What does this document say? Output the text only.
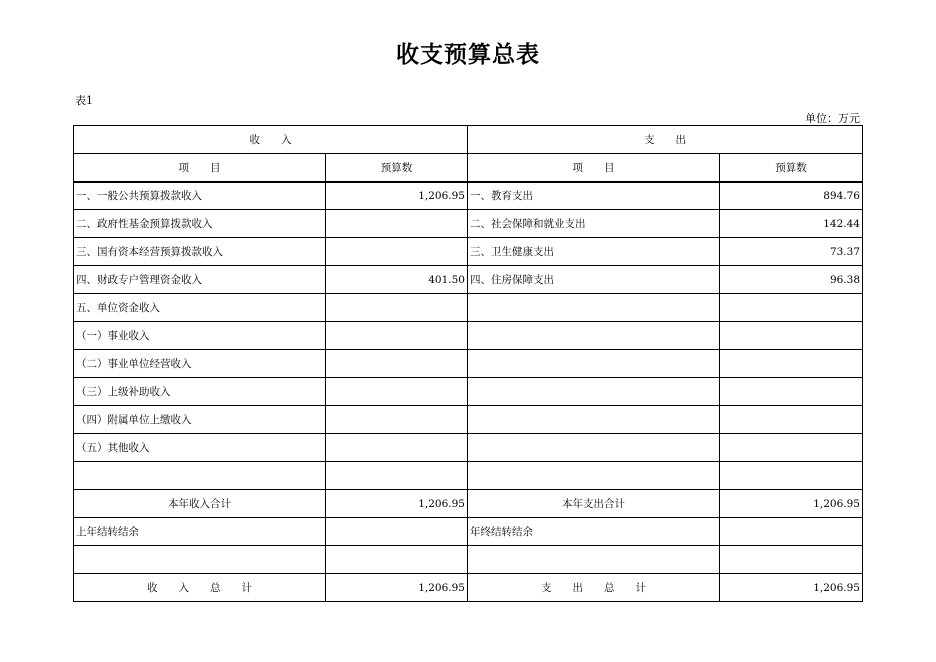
收支预算总表
表1
单位：万元
收　　入		支　　出	
项　　目	预算数	项　　目	预算数
一、一般公共预算拨款收入	1,206.95	一、教育支出	894.76
二、政府性基金预算拨款收入		二、社会保障和就业支出	142.44
三、国有资本经营预算拨款收入		三、卫生健康支出	73.37
四、财政专户管理资金收入	401.50	四、住房保障支出	96.38
五、单位资金收入			
（一）事业收入			
（二）事业单位经营收入			
（三）上级补助收入			
（四）附属单位上缴收入			
（五）其他收入			

本年收入合计	1,206.95	本年支出合计	1,206.95
上年结转结余		年终结转结余	

收　　入　　总　　计	1,206.95	支　　出　　总　　计	1,206.95
